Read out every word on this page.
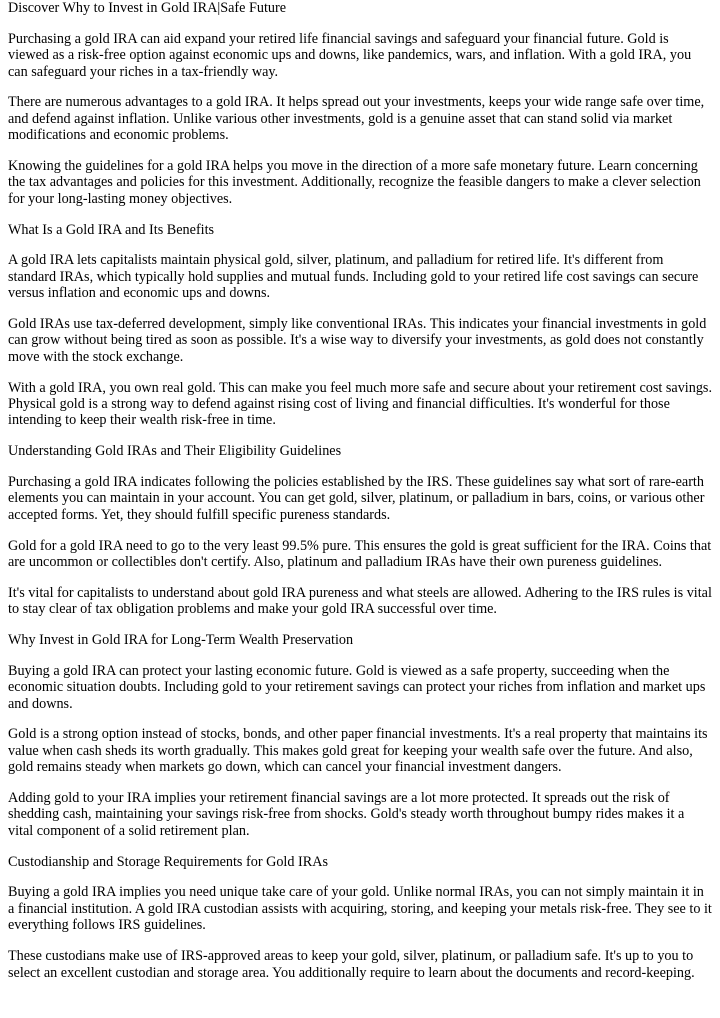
Discover Why to Invest in Gold IRA|Safe Future
Purchasing a gold IRA can aid expand your retired life financial savings and safeguard your financial future. Gold is viewed as a risk-free option against economic ups and downs, like pandemics, wars, and inflation. With a gold IRA, you can safeguard your riches in a tax-friendly way.
There are numerous advantages to a gold IRA. It helps spread out your investments, keeps your wide range safe over time, and defend against inflation. Unlike various other investments, gold is a genuine asset that can stand solid via market modifications and economic problems.
Knowing the guidelines for a gold IRA helps you move in the direction of a more safe monetary future. Learn concerning the tax advantages and policies for this investment. Additionally, recognize the feasible dangers to make a clever selection for your long-lasting money objectives.
What Is a Gold IRA and Its Benefits
A gold IRA lets capitalists maintain physical gold, silver, platinum, and palladium for retired life. It's different from standard IRAs, which typically hold supplies and mutual funds. Including gold to your retired life cost savings can secure versus inflation and economic ups and downs.
Gold IRAs use tax-deferred development, simply like conventional IRAs. This indicates your financial investments in gold can grow without being tired as soon as possible. It's a wise way to diversify your investments, as gold does not constantly move with the stock exchange.
With a gold IRA, you own real gold. This can make you feel much more safe and secure about your retirement cost savings. Physical gold is a strong way to defend against rising cost of living and financial difficulties. It's wonderful for those intending to keep their wealth risk-free in time.
Understanding Gold IRAs and Their Eligibility Guidelines
Purchasing a gold IRA indicates following the policies established by the IRS. These guidelines say what sort of rare-earth elements you can maintain in your account. You can get gold, silver, platinum, or palladium in bars, coins, or various other accepted forms. Yet, they should fulfill specific pureness standards.
Gold for a gold IRA need to go to the very least 99.5% pure. This ensures the gold is great sufficient for the IRA. Coins that are uncommon or collectibles don't certify. Also, platinum and palladium IRAs have their own pureness guidelines.
It's vital for capitalists to understand about gold IRA pureness and what steels are allowed. Adhering to the IRS rules is vital to stay clear of tax obligation problems and make your gold IRA successful over time.
Why Invest in Gold IRA for Long-Term Wealth Preservation
Buying a gold IRA can protect your lasting economic future. Gold is viewed as a safe property, succeeding when the economic situation doubts. Including gold to your retirement savings can protect your riches from inflation and market ups and downs.
Gold is a strong option instead of stocks, bonds, and other paper financial investments. It's a real property that maintains its value when cash sheds its worth gradually. This makes gold great for keeping your wealth safe over the future. And also, gold remains steady when markets go down, which can cancel your financial investment dangers.
Adding gold to your IRA implies your retirement financial savings are a lot more protected. It spreads out the risk of shedding cash, maintaining your savings risk-free from shocks. Gold's steady worth throughout bumpy rides makes it a vital component of a solid retirement plan.
Custodianship and Storage Requirements for Gold IRAs
Buying a gold IRA implies you need unique take care of your gold. Unlike normal IRAs, you can not simply maintain it in a financial institution. A gold IRA custodian assists with acquiring, storing, and keeping your metals risk-free. They see to it everything follows IRS guidelines.
These custodians make use of IRS-approved areas to keep your gold, silver, platinum, or palladium safe. It's up to you to select an excellent custodian and storage area. You additionally require to learn about the documents and record-keeping.
